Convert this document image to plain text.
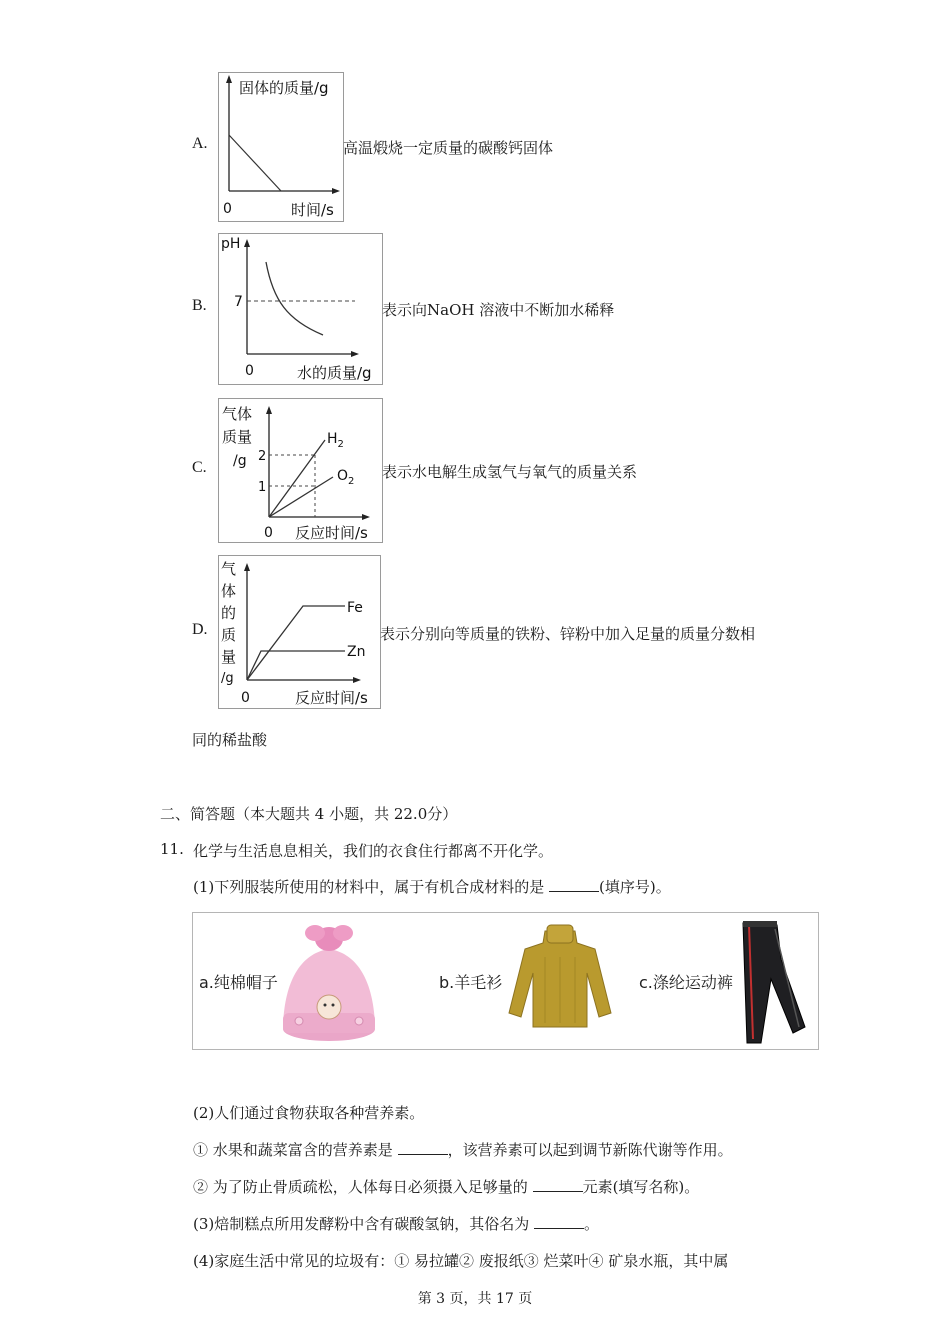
A.
固体的质量/g
0	时间/s
高温煅烧一定质量的碳酸钙固体
B.
pH
7
0	水的质量/g
表示向NaOH 溶液中不断加水稀释
C.
气体
质量
/g 2
1
0 反应时间/s
$H_2$
$O_2$
表示水电解生成氢气与氧气的质量关系
D.
气
体
的
质
量
/g
0	反应时间/s
Fe
Zn
表示分别向等质量的铁粉、锌粉中加入足量的质量分数相
同的稀盐酸
二、简答题（本大题共 4 小题，共 22.0分）
11. 化学与生活息息相关，我们的衣食住行都离不开化学。
(1)下列服装所使用的材料中，属于有机合成材料的是	(填序号)。
a.纯棉帽子	b.羊毛衫	c.涤纶运动裤
(2)人们通过食物获取各种营养素。
① 水果和蔬菜富含的营养素是	，该营养素可以起到调节新陈代谢等作用。
② 为了防止骨质疏松，人体每日必须摄入足够量的	元素(填写名称)。
(3)焙制糕点所用发酵粉中含有碳酸氢钠，其俗名为	。
(4)家庭生活中常见的垃圾有：① 易拉罐② 废报纸③ 烂菜叶④ 矿泉水瓶，其中属
第 3 页，共 17 页
